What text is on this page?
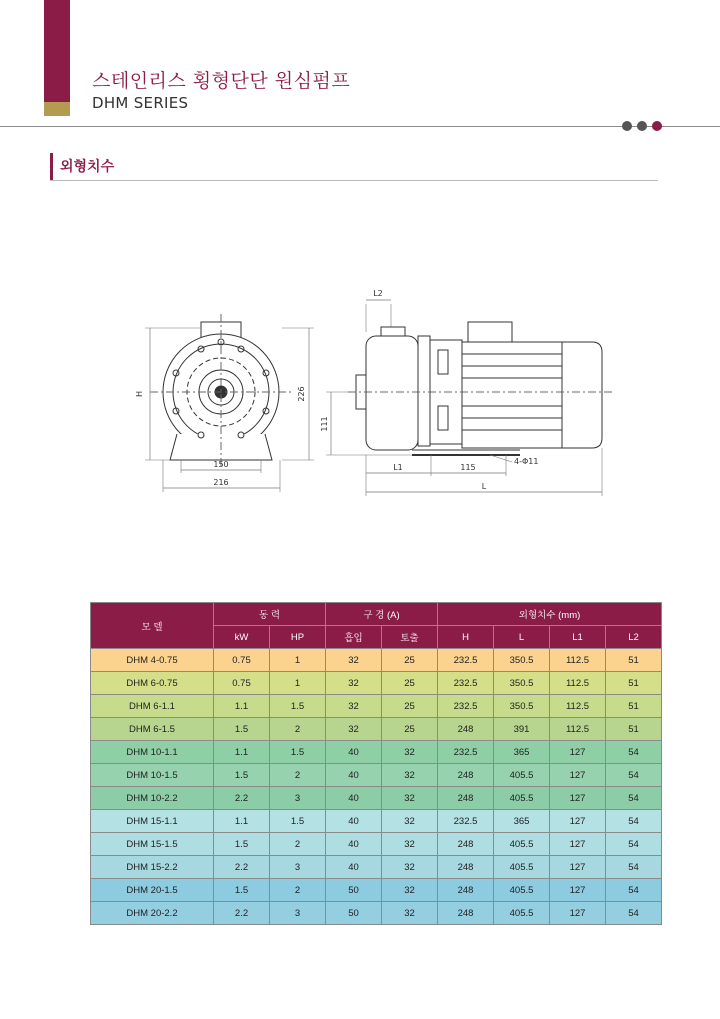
스테인리스 횡형단단 원심펌프
DHM SERIES
외형치수
H	226
150
216
L2
111
L1	115
L
4-Φ11
모 델	동 력		구 경 (A)		외형치수 (mm)			
	kW	HP	흡입	토출	H	L	L1	L2
DHM 4-0.75	0.75	1	32	25	232.5	350.5	112.5	51
DHM 6-0.75	0.75	1	32	25	232.5	350.5	112.5	51
DHM 6-1.1	1.1	1.5	32	25	232.5	350.5	112.5	51
DHM 6-1.5	1.5	2	32	25	248	391	112.5	51
DHM 10-1.1	1.1	1.5	40	32	232.5	365	127	54
DHM 10-1.5	1.5	2	40	32	248	405.5	127	54
DHM 10-2.2	2.2	3	40	32	248	405.5	127	54
DHM 15-1.1	1.1	1.5	40	32	232.5	365	127	54
DHM 15-1.5	1.5	2	40	32	248	405.5	127	54
DHM 15-2.2	2.2	3	40	32	248	405.5	127	54
DHM 20-1.5	1.5	2	50	32	248	405.5	127	54
DHM 20-2.2	2.2	3	50	32	248	405.5	127	54
